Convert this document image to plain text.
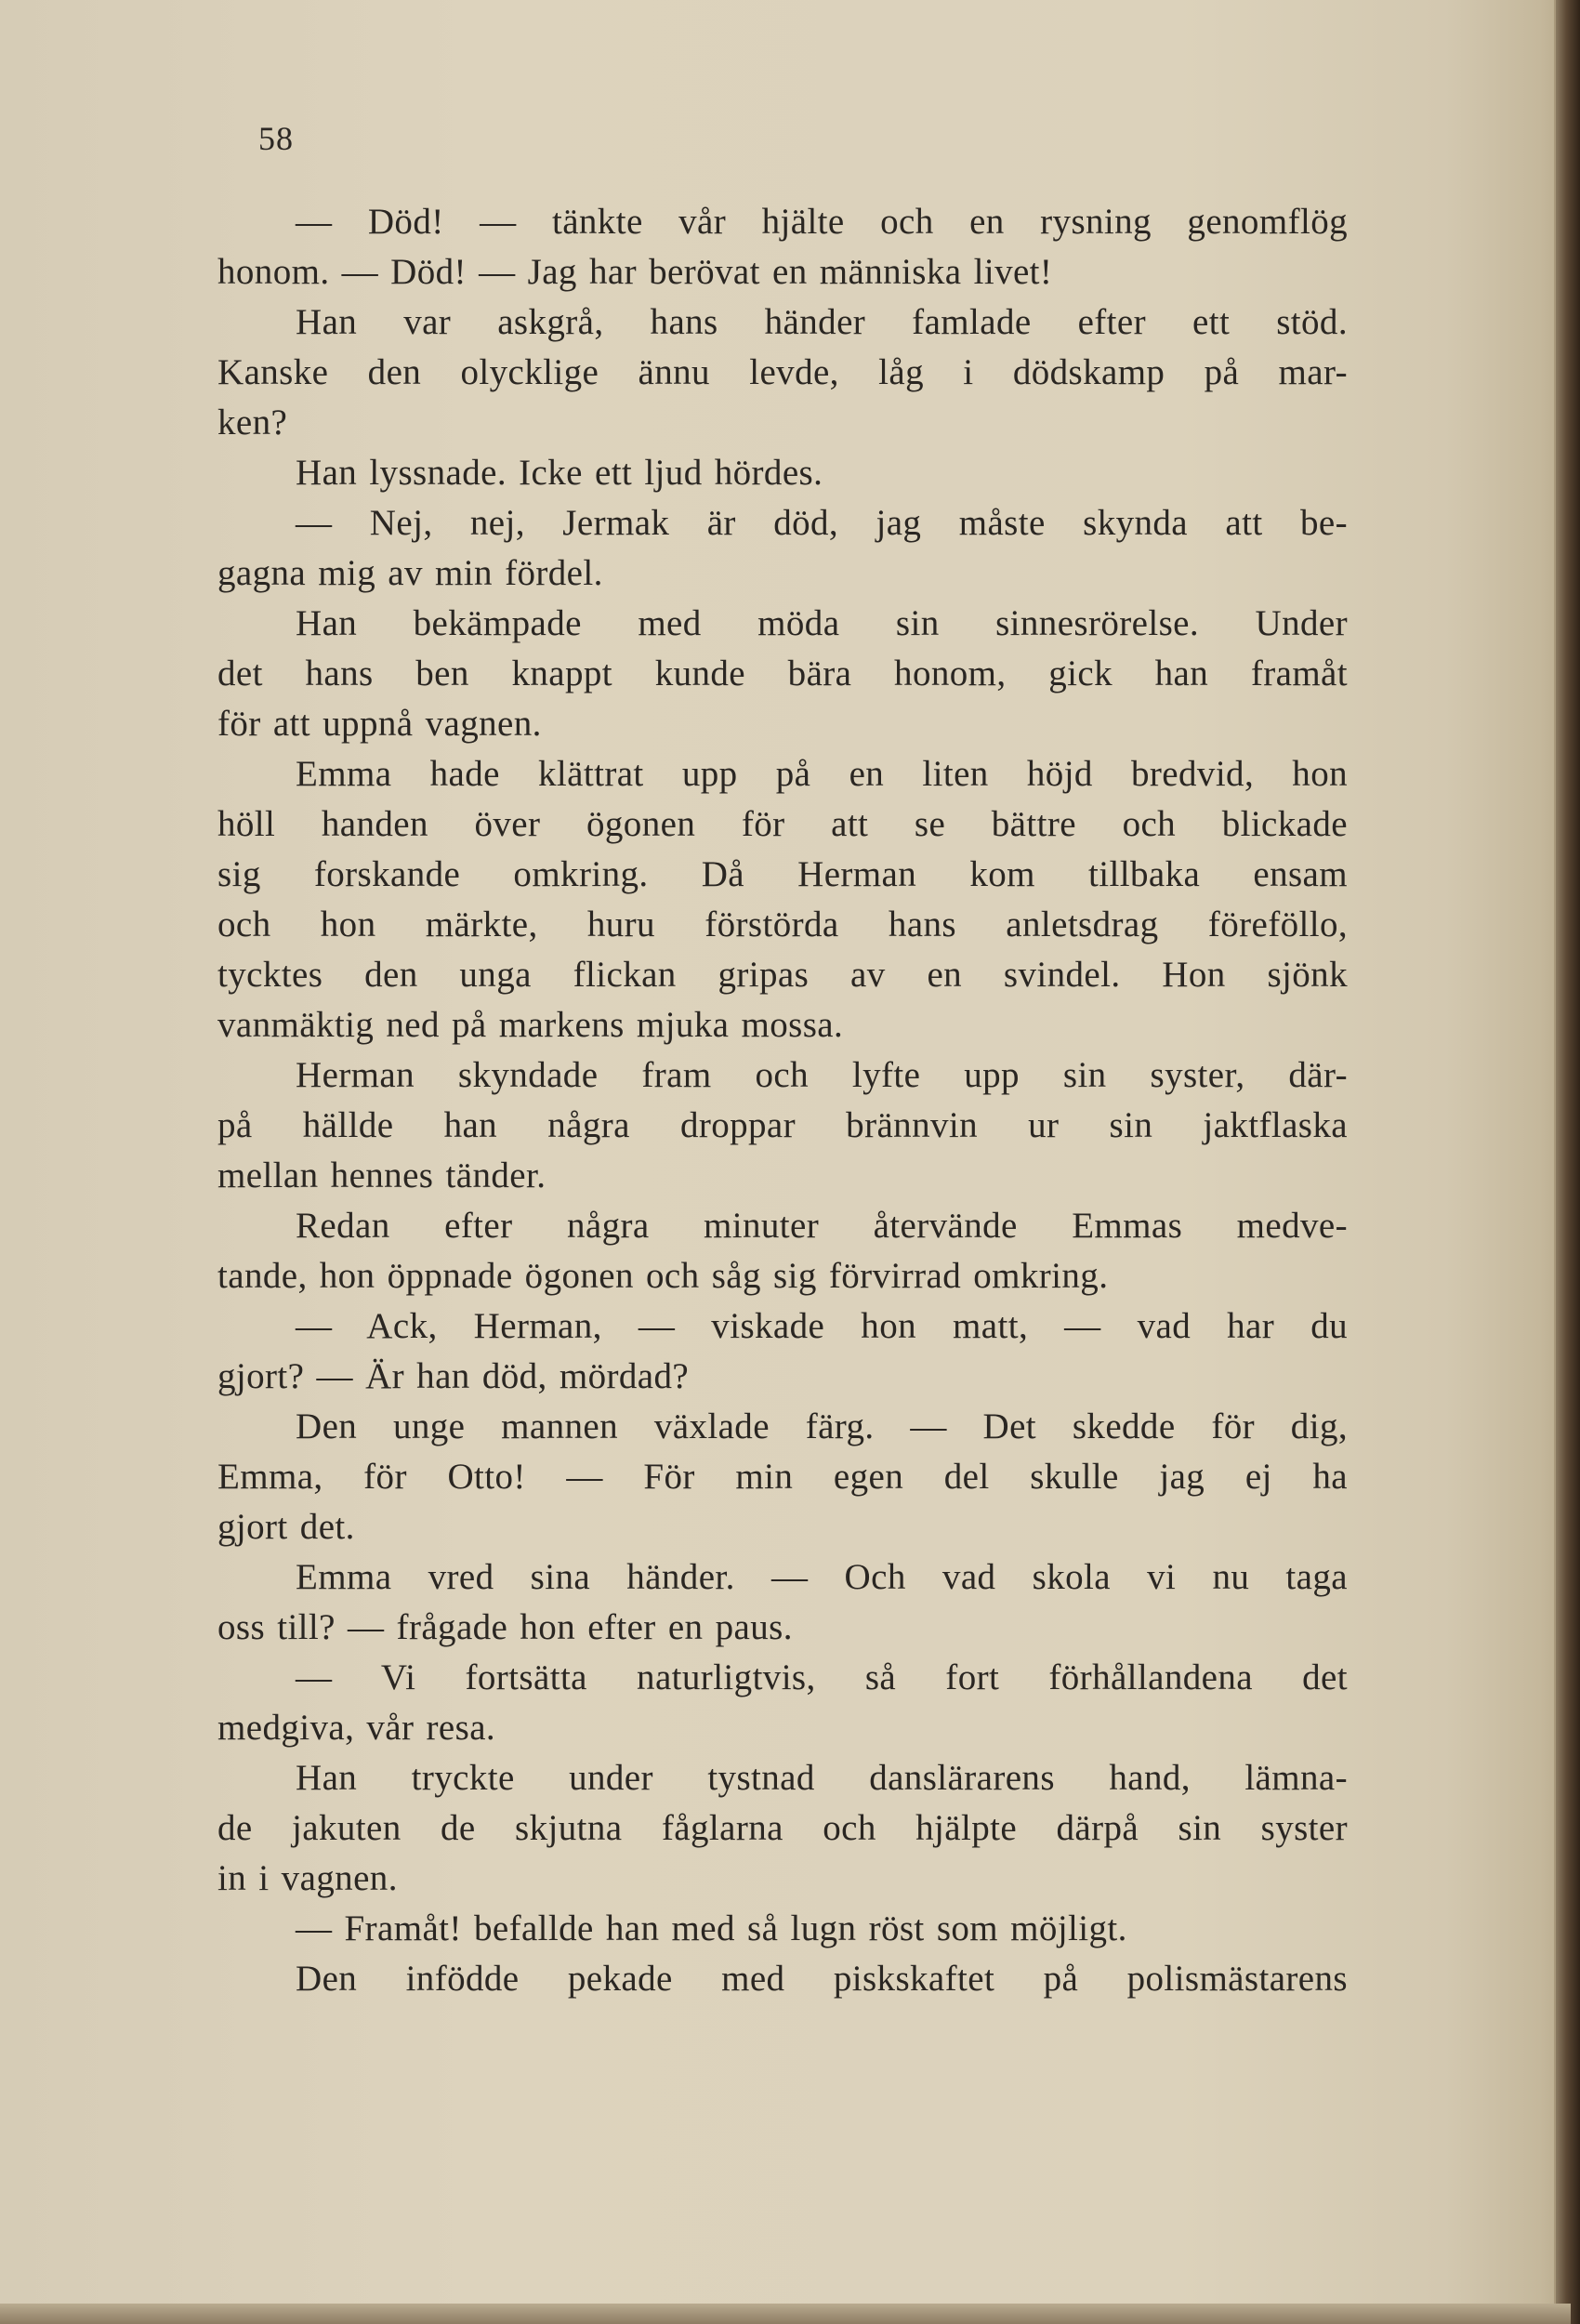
58
— Död! — tänkte vår hjälte och en rysning genomflög
honom. — Död! — Jag har berövat en människa livet!
Han var askgrå, hans händer famlade efter ett stöd.
Kanske den olycklige ännu levde, låg i dödskamp på mar-
ken?
Han lyssnade. Icke ett ljud hördes.
— Nej, nej, Jermak är död, jag måste skynda att be-
gagna mig av min fördel.
Han bekämpade med möda sin sinnesrörelse. Under
det hans ben knappt kunde bära honom, gick han framåt
för att uppnå vagnen.
Emma hade klättrat upp på en liten höjd bredvid, hon
höll handen över ögonen för att se bättre och blickade
sig forskande omkring. Då Herman kom tillbaka ensam
och hon märkte, huru förstörda hans anletsdrag föreföllo,
tycktes den unga flickan gripas av en svindel. Hon sjönk
vanmäktig ned på markens mjuka mossa.
Herman skyndade fram och lyfte upp sin syster, där-
på hällde han några droppar brännvin ur sin jaktflaska
mellan hennes tänder.
Redan efter några minuter återvände Emmas medve-
tande, hon öppnade ögonen och såg sig förvirrad omkring.
— Ack, Herman, — viskade hon matt, — vad har du
gjort? — Är han död, mördad?
Den unge mannen växlade färg. — Det skedde för dig,
Emma, för Otto! — För min egen del skulle jag ej ha
gjort det.
Emma vred sina händer. — Och vad skola vi nu taga
oss till? — frågade hon efter en paus.
— Vi fortsätta naturligtvis, så fort förhållandena det
medgiva, vår resa.
Han tryckte under tystnad danslärarens hand, lämna-
de jakuten de skjutna fåglarna och hjälpte därpå sin syster
in i vagnen.
— Framåt! befallde han med så lugn röst som möjligt.
Den infödde pekade med piskskaftet på polismästarens
